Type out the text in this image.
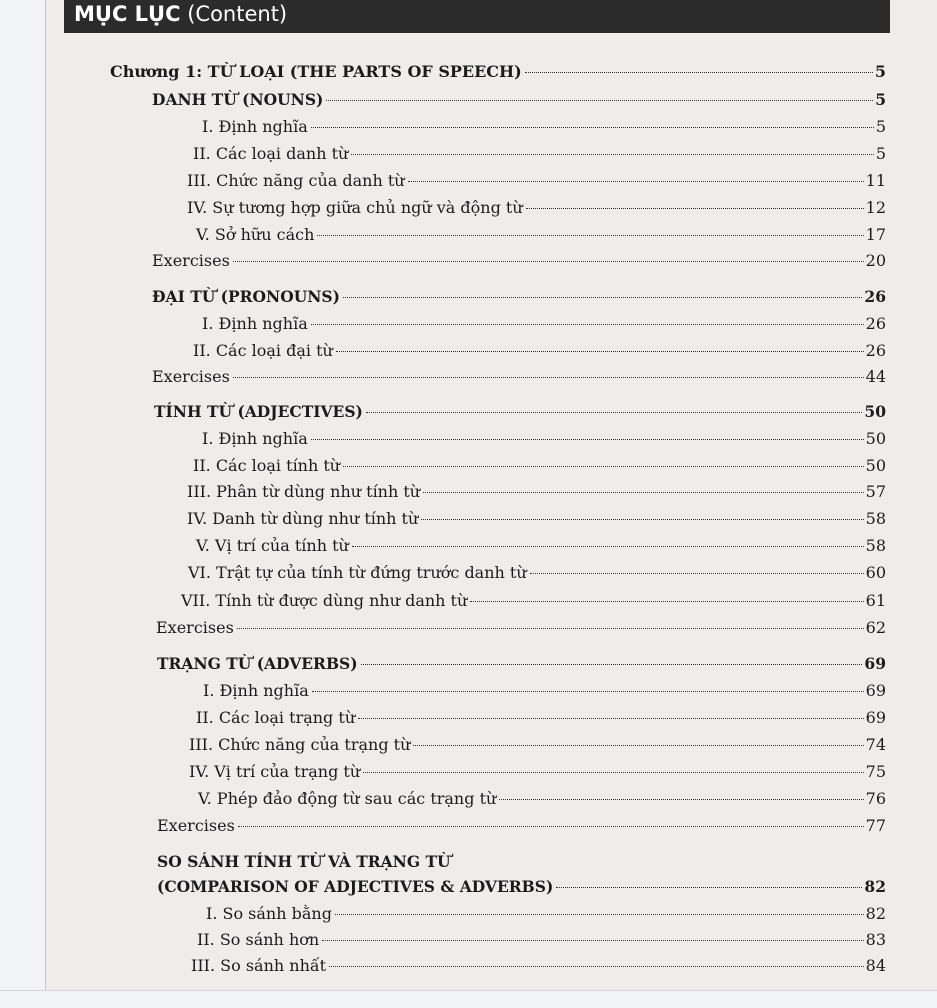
MỤC LỤC (Content)
Chương 1: TỪ LOẠI (THE PARTS OF SPEECH)	5
DANH TỪ (NOUNS)	5
I. Định nghĩa	5
II. Các loại danh từ	5
III. Chức năng của danh từ	11
IV. Sự tương hợp giữa chủ ngữ và động từ	12
V. Sở hữu cách	17
Exercises	20
ĐẠI TỪ (PRONOUNS)	26
I. Định nghĩa	26
II. Các loại đại từ	26
Exercises	44
TÍNH TỪ (ADJECTIVES)	50
I. Định nghĩa	50
II. Các loại tính từ	50
III. Phân từ dùng như tính từ	57
IV. Danh từ dùng như tính từ	58
V. Vị trí của tính từ	58
VI. Trật tự của tính từ đứng trước danh từ	60
VII. Tính từ được dùng như danh từ	61
Exercises	62
TRẠNG TỪ (ADVERBS)	69
I. Định nghĩa	69
II. Các loại trạng từ	69
III. Chức năng của trạng từ	74
IV. Vị trí của trạng từ	75
V. Phép đảo động từ sau các trạng từ	76
Exercises	77
SO SÁNH TÍNH TỪ VÀ TRẠNG TỪ
(COMPARISON OF ADJECTIVES & ADVERBS)	82
I. So sánh bằng	82
II. So sánh hơn	83
III. So sánh nhất	84
